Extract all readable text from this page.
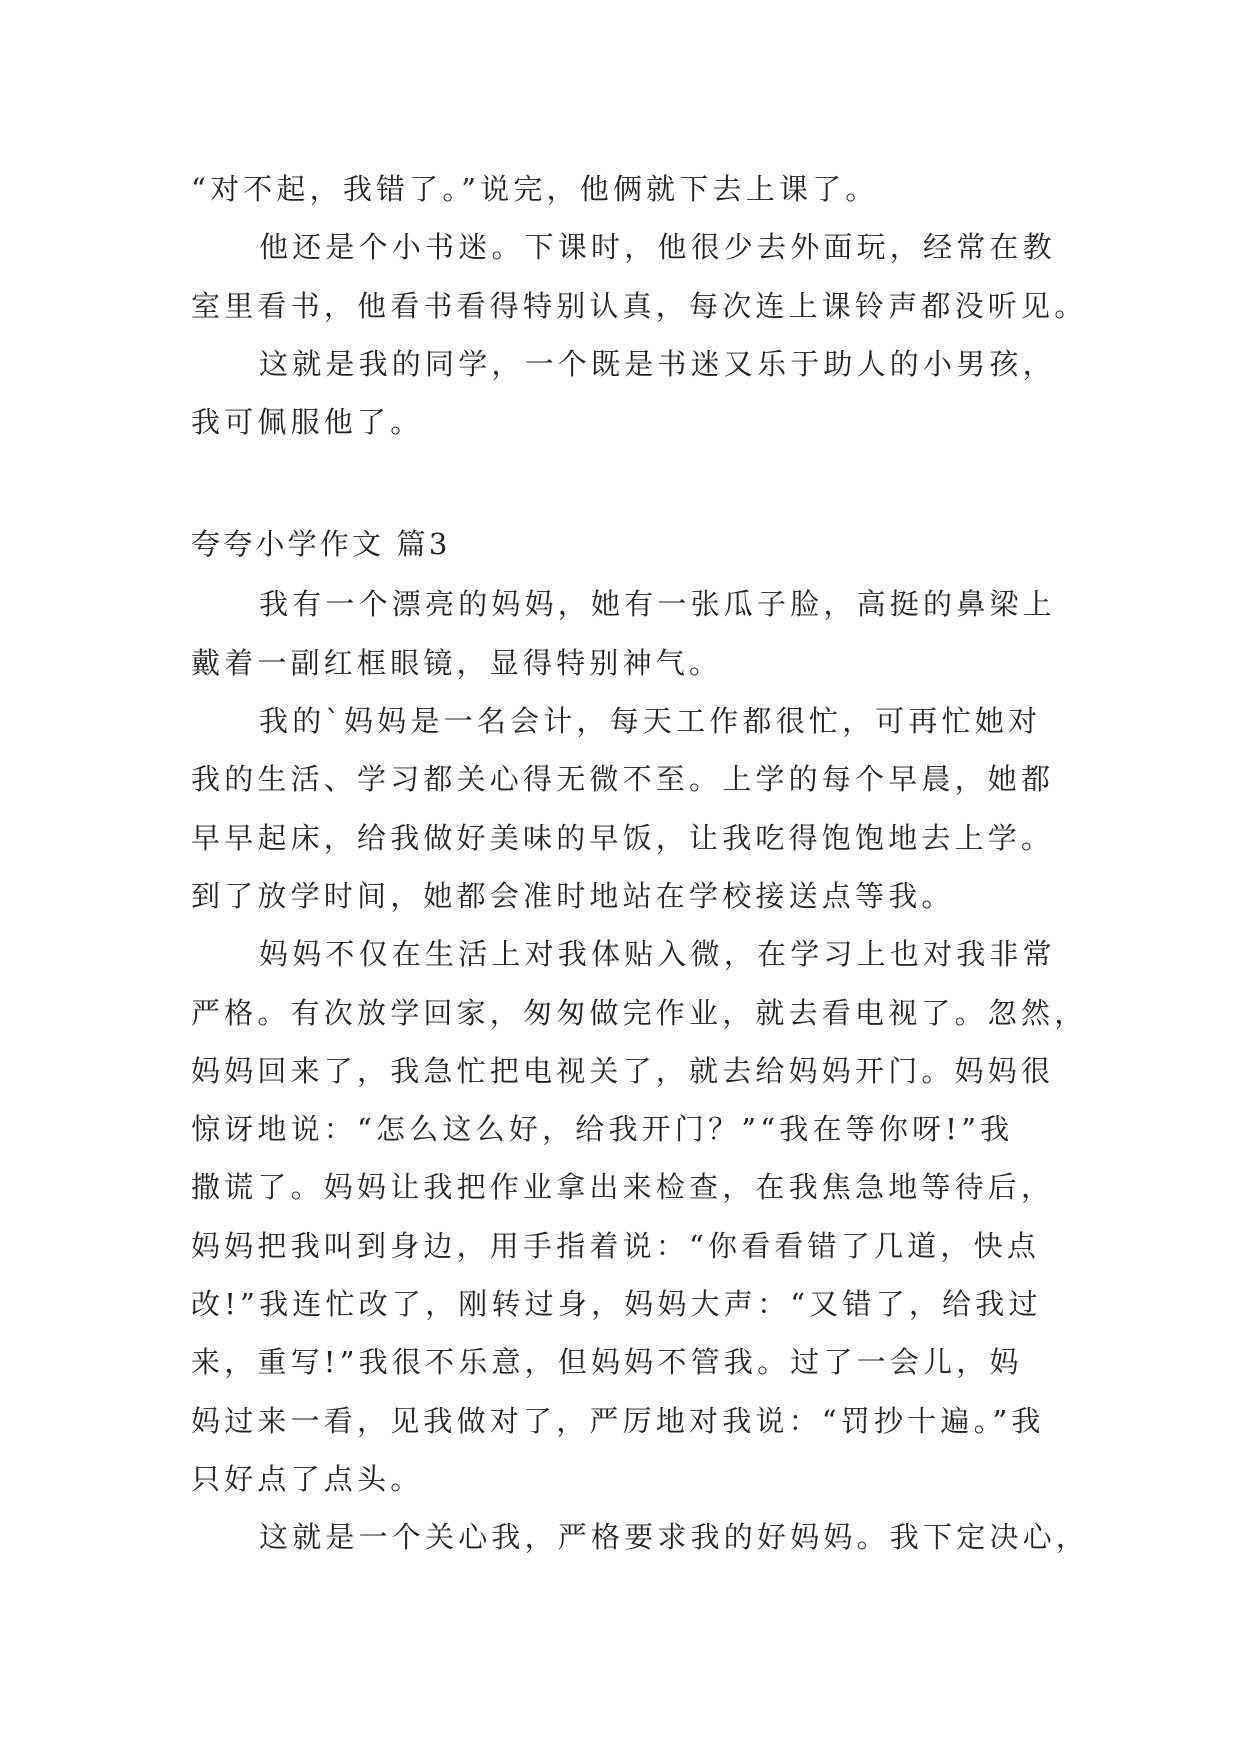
“对不起，我错了。”说完，他俩就下去上课了。
他还是个小书迷。下课时，他很少去外面玩，经常在教
室里看书，他看书看得特别认真，每次连上课铃声都没听见。
这就是我的同学，一个既是书迷又乐于助人的小男孩，
我可佩服他了。
夸夸小学作文 篇3
我有一个漂亮的妈妈，她有一张瓜子脸，高挺的鼻梁上
戴着一副红框眼镜，显得特别神气。
我的`妈妈是一名会计，每天工作都很忙，可再忙她对
我的生活、学习都关心得无微不至。上学的每个早晨，她都
早早起床，给我做好美味的早饭，让我吃得饱饱地去上学。
到了放学时间，她都会准时地站在学校接送点等我。
妈妈不仅在生活上对我体贴入微，在学习上也对我非常
严格。有次放学回家，匆匆做完作业，就去看电视了。忽然，
妈妈回来了，我急忙把电视关了，就去给妈妈开门。妈妈很
惊讶地说：“怎么这么好，给我开门？”“我在等你呀!”我
撒谎了。妈妈让我把作业拿出来检查，在我焦急地等待后，
妈妈把我叫到身边，用手指着说：“你看看错了几道，快点
改!”我连忙改了，刚转过身，妈妈大声：“又错了，给我过
来，重写!”我很不乐意，但妈妈不管我。过了一会儿，妈
妈过来一看，见我做对了，严厉地对我说：“罚抄十遍。”我
只好点了点头。
这就是一个关心我，严格要求我的好妈妈。我下定决心，
